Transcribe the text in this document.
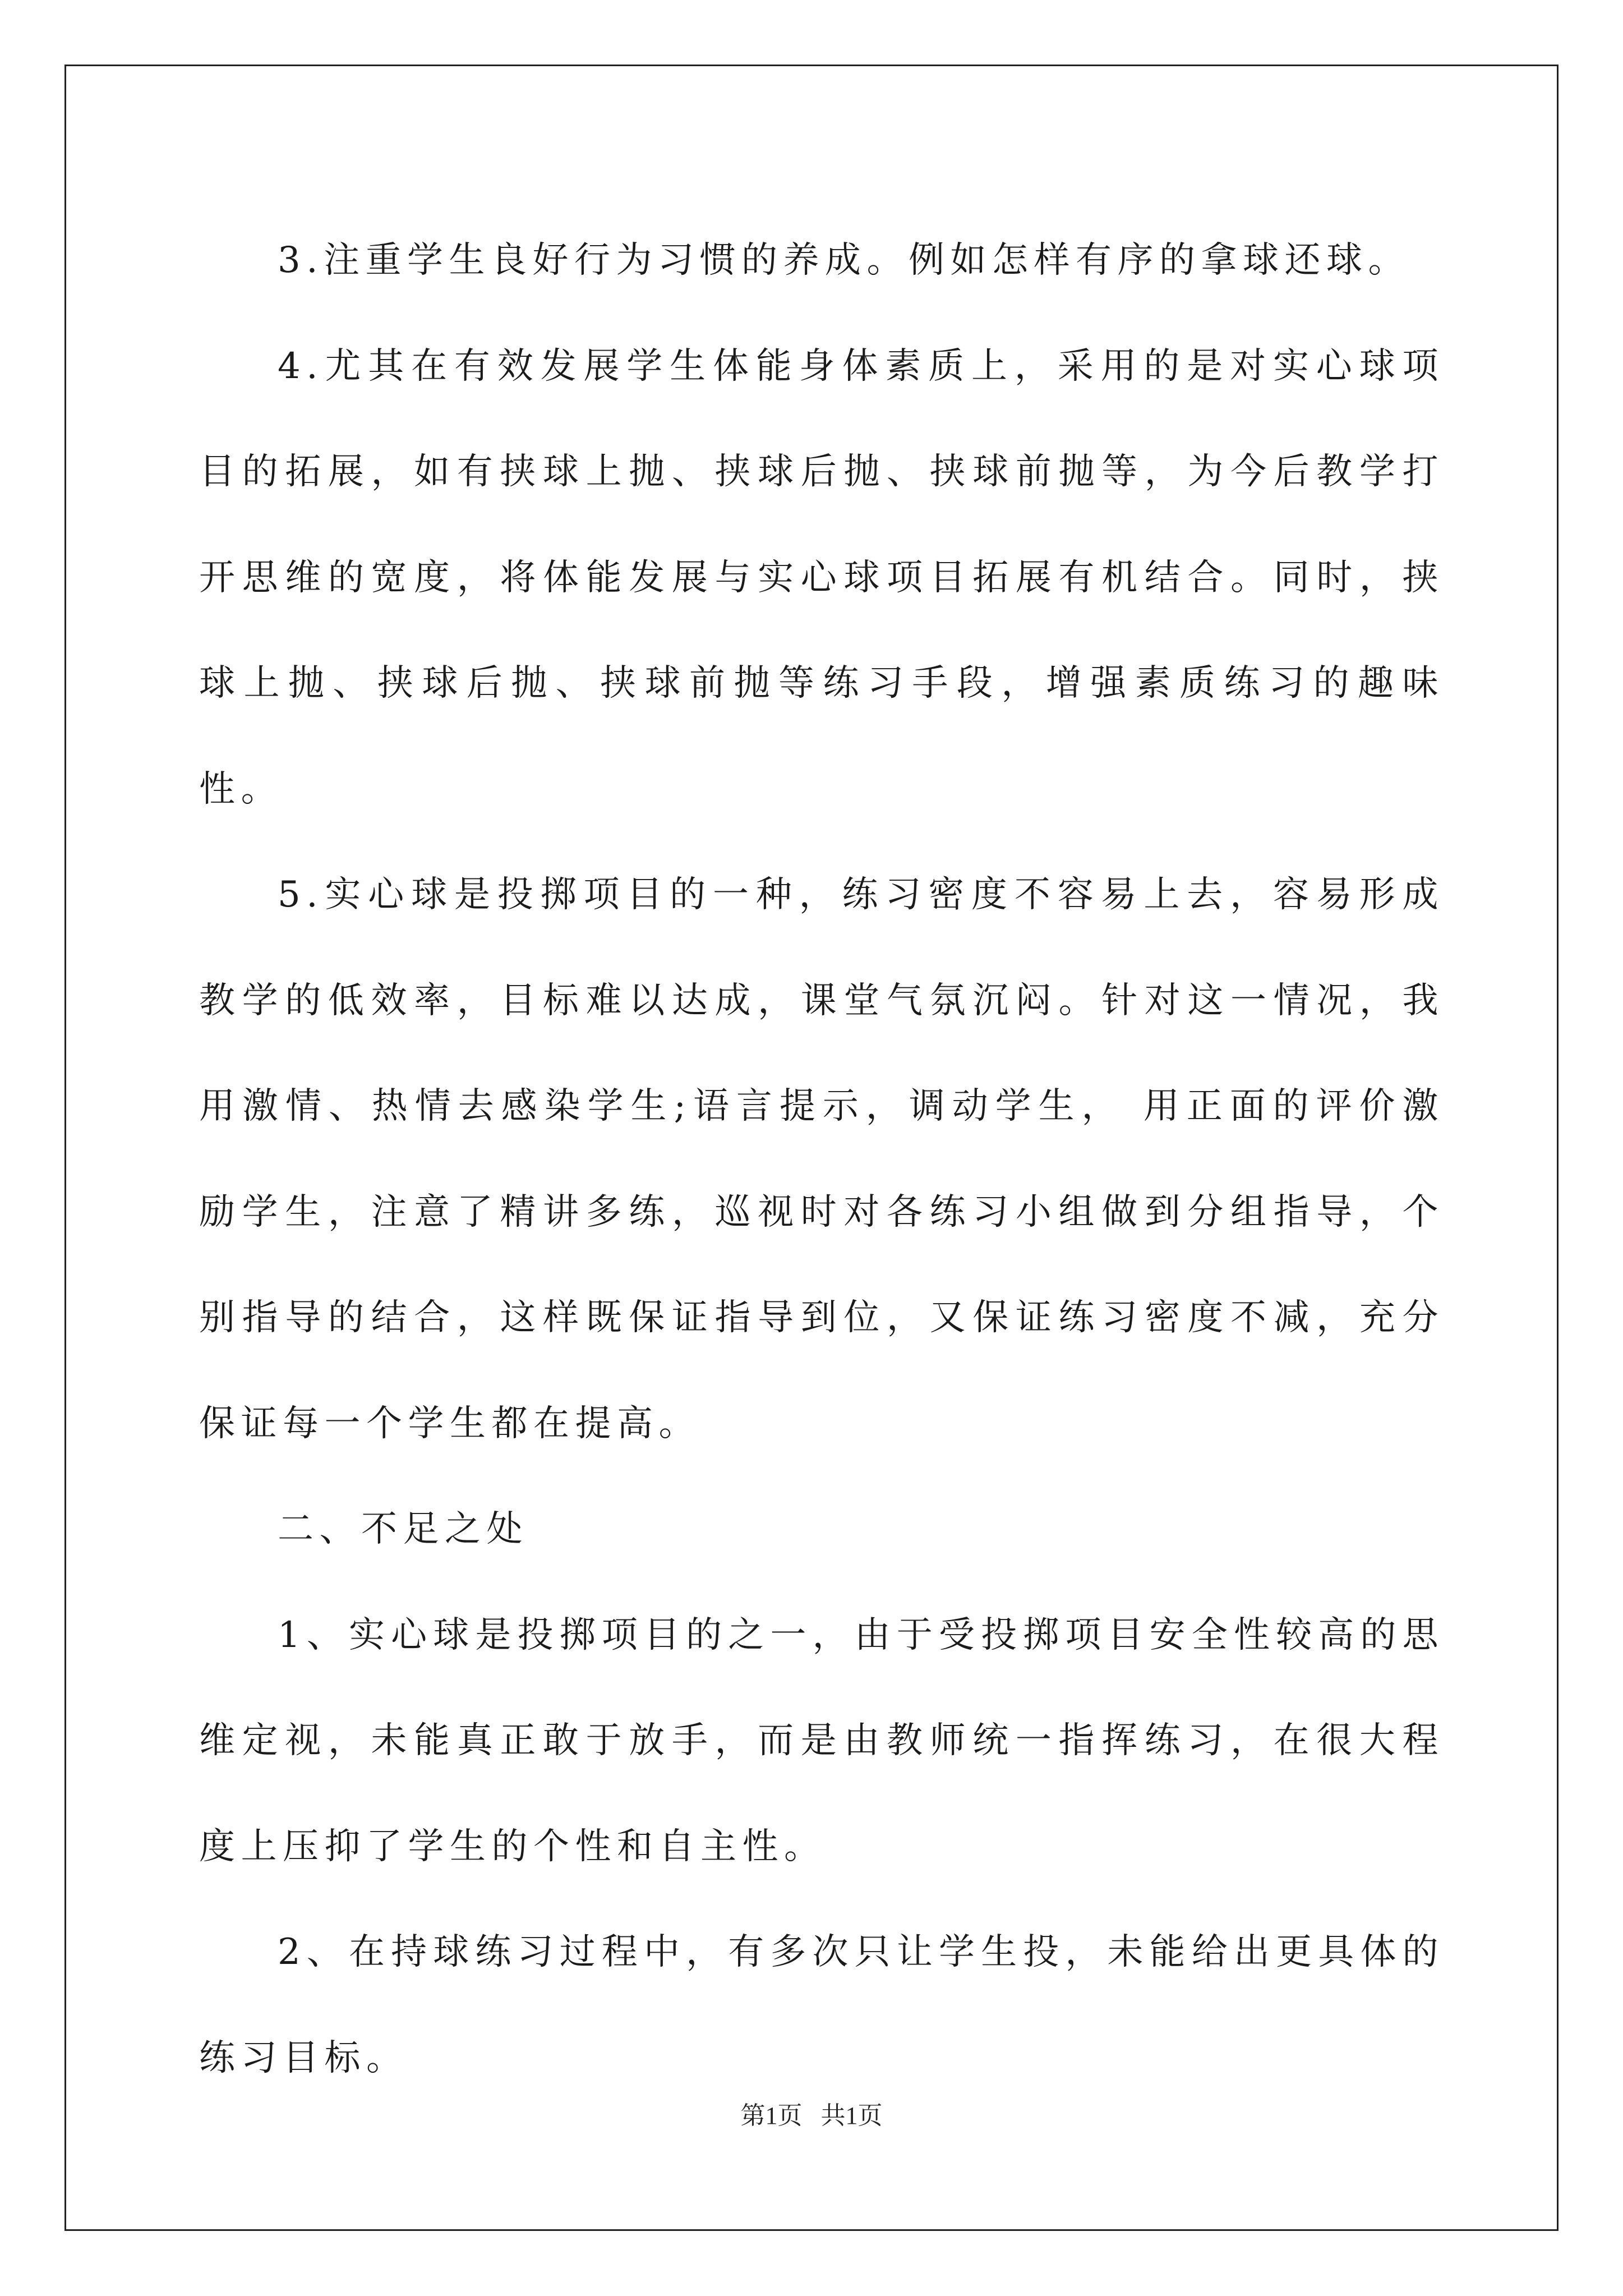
3.注重学生良好行为习惯的养成。例如怎样有序的拿球还球。

4.尤其在有效发展学生体能身体素质上，采用的是对实心球项目的拓展，如有挟球上抛、挟球后抛、挟球前抛等，为今后教学打开思维的宽度，将体能发展与实心球项目拓展有机结合。同时，挟球上抛、挟球后抛、挟球前抛等练习手段，增强素质练习的趣味性。

5.实心球是投掷项目的一种，练习密度不容易上去，容易形成教学的低效率，目标难以达成，课堂气氛沉闷。针对这一情况，我用激情、热情去感染学生;语言提示，调动学生， 用正面的评价激励学生，注意了精讲多练，巡视时对各练习小组做到分组指导，个别指导的结合，这样既保证指导到位，又保证练习密度不减，充分保证每一个学生都在提高。

二、不足之处

1、实心球是投掷项目的之一，由于受投掷项目安全性较高的思维定视，未能真正敢于放手，而是由教师统一指挥练习，在很大程度上压抑了学生的个性和自主性。

2、在持球练习过程中，有多次只让学生投，未能给出更具体的练习目标。

第1页   共1页
